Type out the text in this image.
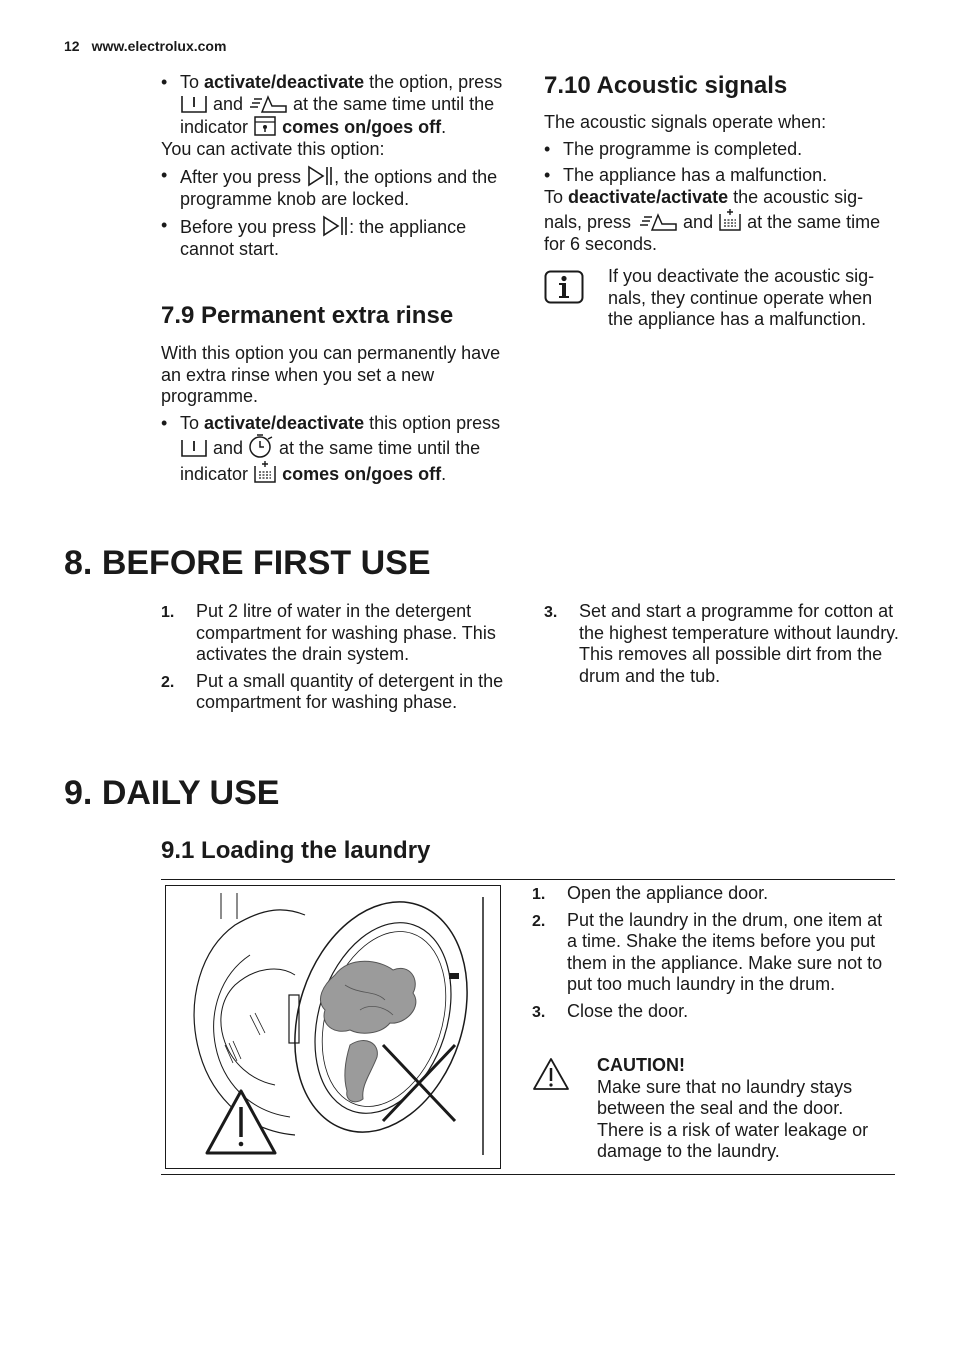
12 www.electrolux.com

• To activate/deactivate the option, press  and  at the same time until the indicator  comes on/goes off.

You can activate this option:

• After you press , the options and the programme knob are locked.

• Before you press : the appliance cannot start.

7.9 Permanent extra rinse

With this option you can permanently have an extra rinse when you set a new programme.

• To activate/deactivate this option press  and  at the same time until the indicator  comes on/goes off.

7.10 Acoustic signals

The acoustic signals operate when:

• The programme is completed.

• The appliance has a malfunction.

To deactivate/activate the acoustic sig-nals, press  and  at the same time for 6 seconds.

If you deactivate the acoustic sig-nals, they continue operate when the appliance has a malfunction.

8. BEFORE FIRST USE
1. Put 2 litre of water in the detergent compartment for washing phase. This activates the drain system.
2. Put a small quantity of detergent in the compartment for washing phase.
3. Set and start a programme for cotton at the highest temperature without laundry. This removes all possible dirt from the drum and the tub.
9. DAILY USE
9.1 Loading the laundry
1. Open the appliance door.
2. Put the laundry in the drum, one item at a time. Shake the items before you put them in the appliance. Make sure not to put too much laundry in the drum.
3. Close the door.

CAUTION!

Make sure that no laundry stays between the seal and the door. There is a risk of water leakage or damage to the laundry.
